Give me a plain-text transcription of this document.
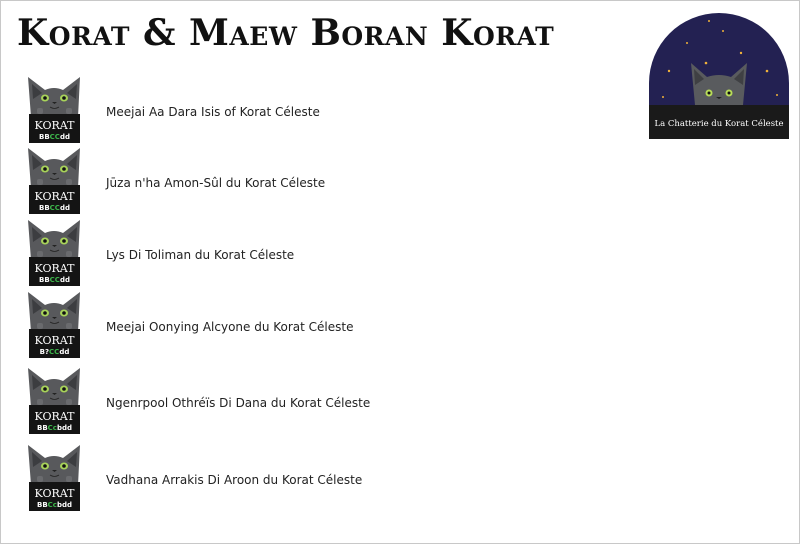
Korat & Maew Boran Korat
KORAT
BBCCdd
Meejai Aa Dara Isis of Korat Céleste
KORAT
BBCCdd
Jūza n'ha Amon-Sûl du Korat Céleste
KORAT
BBCCdd
Lys Di Toliman du Korat Céleste
KORAT
B?CCdd
Meejai Oonying Alcyone du Korat Céleste
KORAT
BBCcbdd
Ngenrpool Othréïs Di Dana du Korat Céleste
KORAT
BBCcbdd
Vadhana Arrakis Di Aroon du Korat Céleste
La Chatterie du Korat Céleste
